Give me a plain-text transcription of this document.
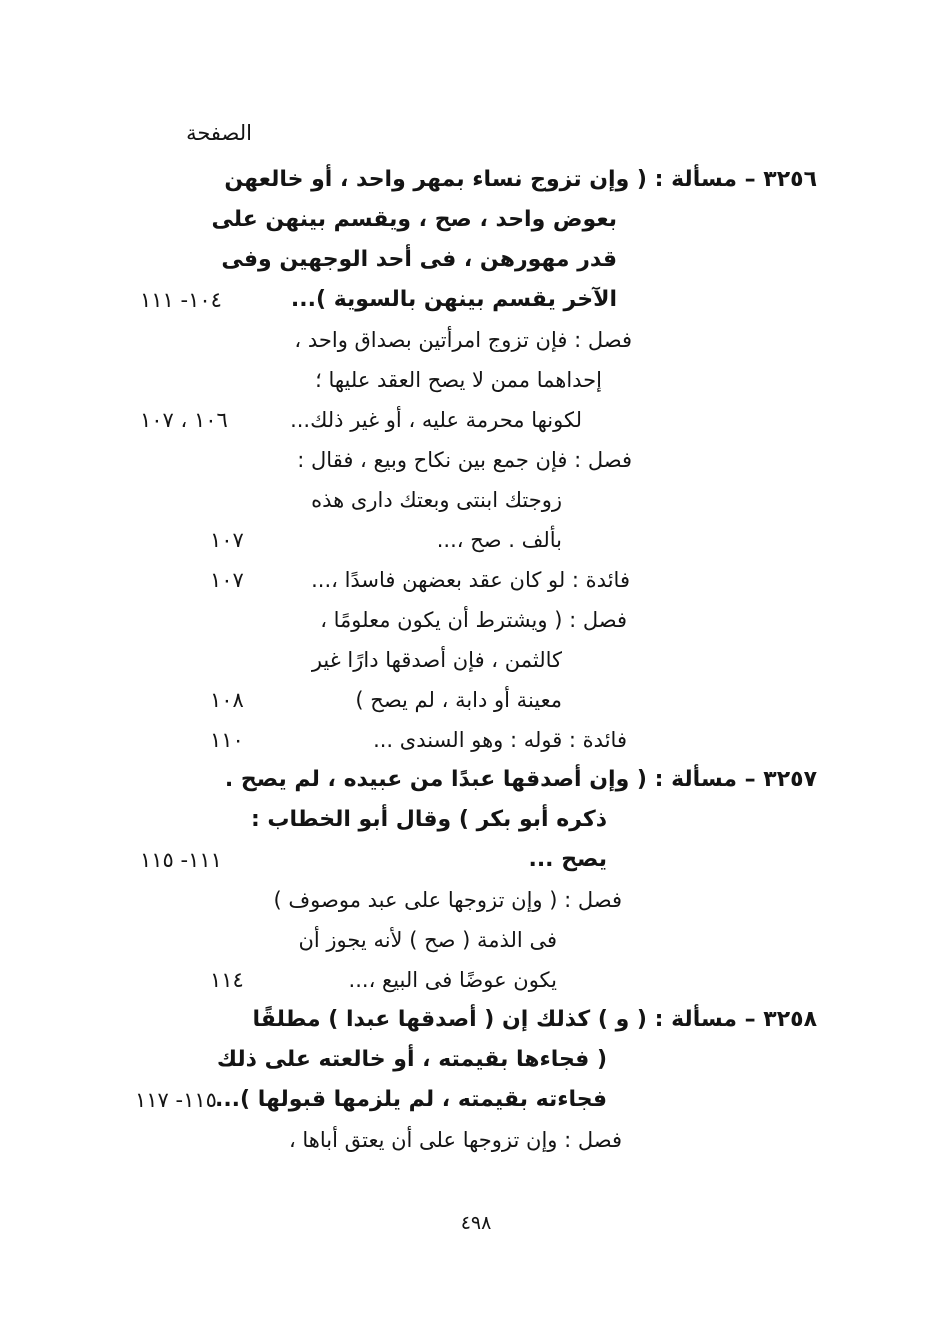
الصفحة
٣٢٥٦ – مسألة : ( وإن تزوج نساء بمهر واحد ، أو خالعهن
بعوض واحد ، صح ، ويقسم بينهن على
قدر مهورهن ، فى أحد الوجهين وفى
الآخر يقسم بينهن بالسوية )...
١٠٤- ١١١
فصل : فإن تزوج امرأتين بصداق واحد ،
إحداهما ممن لا يصح العقد عليها ؛
لكونها محرمة عليه ، أو غير ذلك...
١٠٦ ، ١٠٧
فصل : فإن جمع بين نكاح وبيع ، فقال :
زوجتك ابنتى وبعتك دارى هذه
بألف . صح ،...
١٠٧
فائدة : لو كان عقد بعضهن فاسدًا ،...
١٠٧
فصل : ( ويشترط أن يكون معلومًا ،
كالثمن ، فإن أصدقها دارًا غير
معينة أو دابة ، لم يصح )
١٠٨
فائدة : قوله : وهو السندى ...
١١٠
٣٢٥٧ – مسألة : ( وإن أصدقها عبدًا من عبيده ، لم يصح .
ذكره أبو بكر ) وقال أبو الخطاب :
يصح ...
١١١- ١١٥
فصل : ( وإن تزوجها على عبد موصوف )
فى الذمة ( صح ) لأنه يجوز أن
يكون عوضًا فى البيع ،...
١١٤
٣٢٥٨ – مسألة : ( و ) كذلك إن ( أصدقها عبدا ) مطلقًا
( فجاءها بقيمته ، أو خالعته على ذلك
فجاءته بقيمته ، لم يلزمها قبولها )...
١١٥- ١١٧
فصل : وإن تزوجها على أن يعتق أباها ،
٤٩٨
